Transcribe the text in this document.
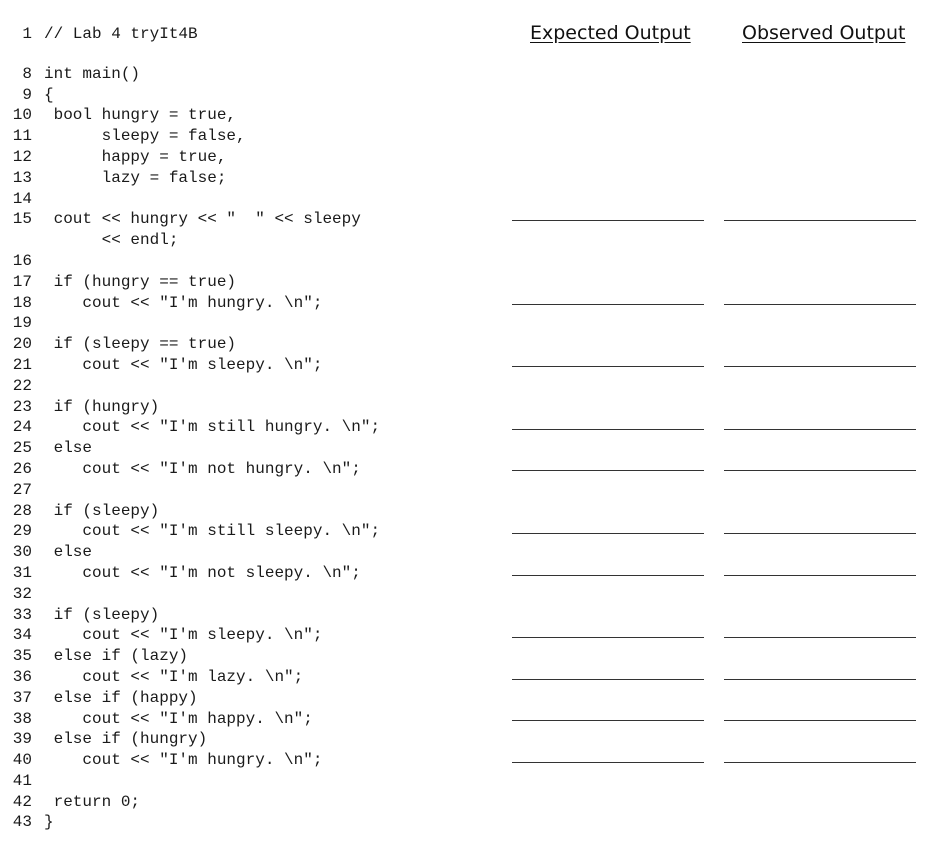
Expected Output	Observed Output
1 // Lab 4 tryIt4B
8 int main()
9 {
10 bool hungry = true,
11      sleepy = false,
12      happy = true,
13      lazy = false;
14
15 cout << hungry << "  " << sleepy
<< endl;
16
17 if (hungry == true)
18    cout << "I'm hungry. \n";
19
20 if (sleepy == true)
21    cout << "I'm sleepy. \n";
22
23 if (hungry)
24    cout << "I'm still hungry. \n";
25 else
26    cout << "I'm not hungry. \n";
27
28 if (sleepy)
29    cout << "I'm still sleepy. \n";
30 else
31    cout << "I'm not sleepy. \n";
32
33 if (sleepy)
34    cout << "I'm sleepy. \n";
35 else if (lazy)
36    cout << "I'm lazy. \n";
37 else if (happy)
38    cout << "I'm happy. \n";
39 else if (hungry)
40    cout << "I'm hungry. \n";
41
42 return 0;
43 }
